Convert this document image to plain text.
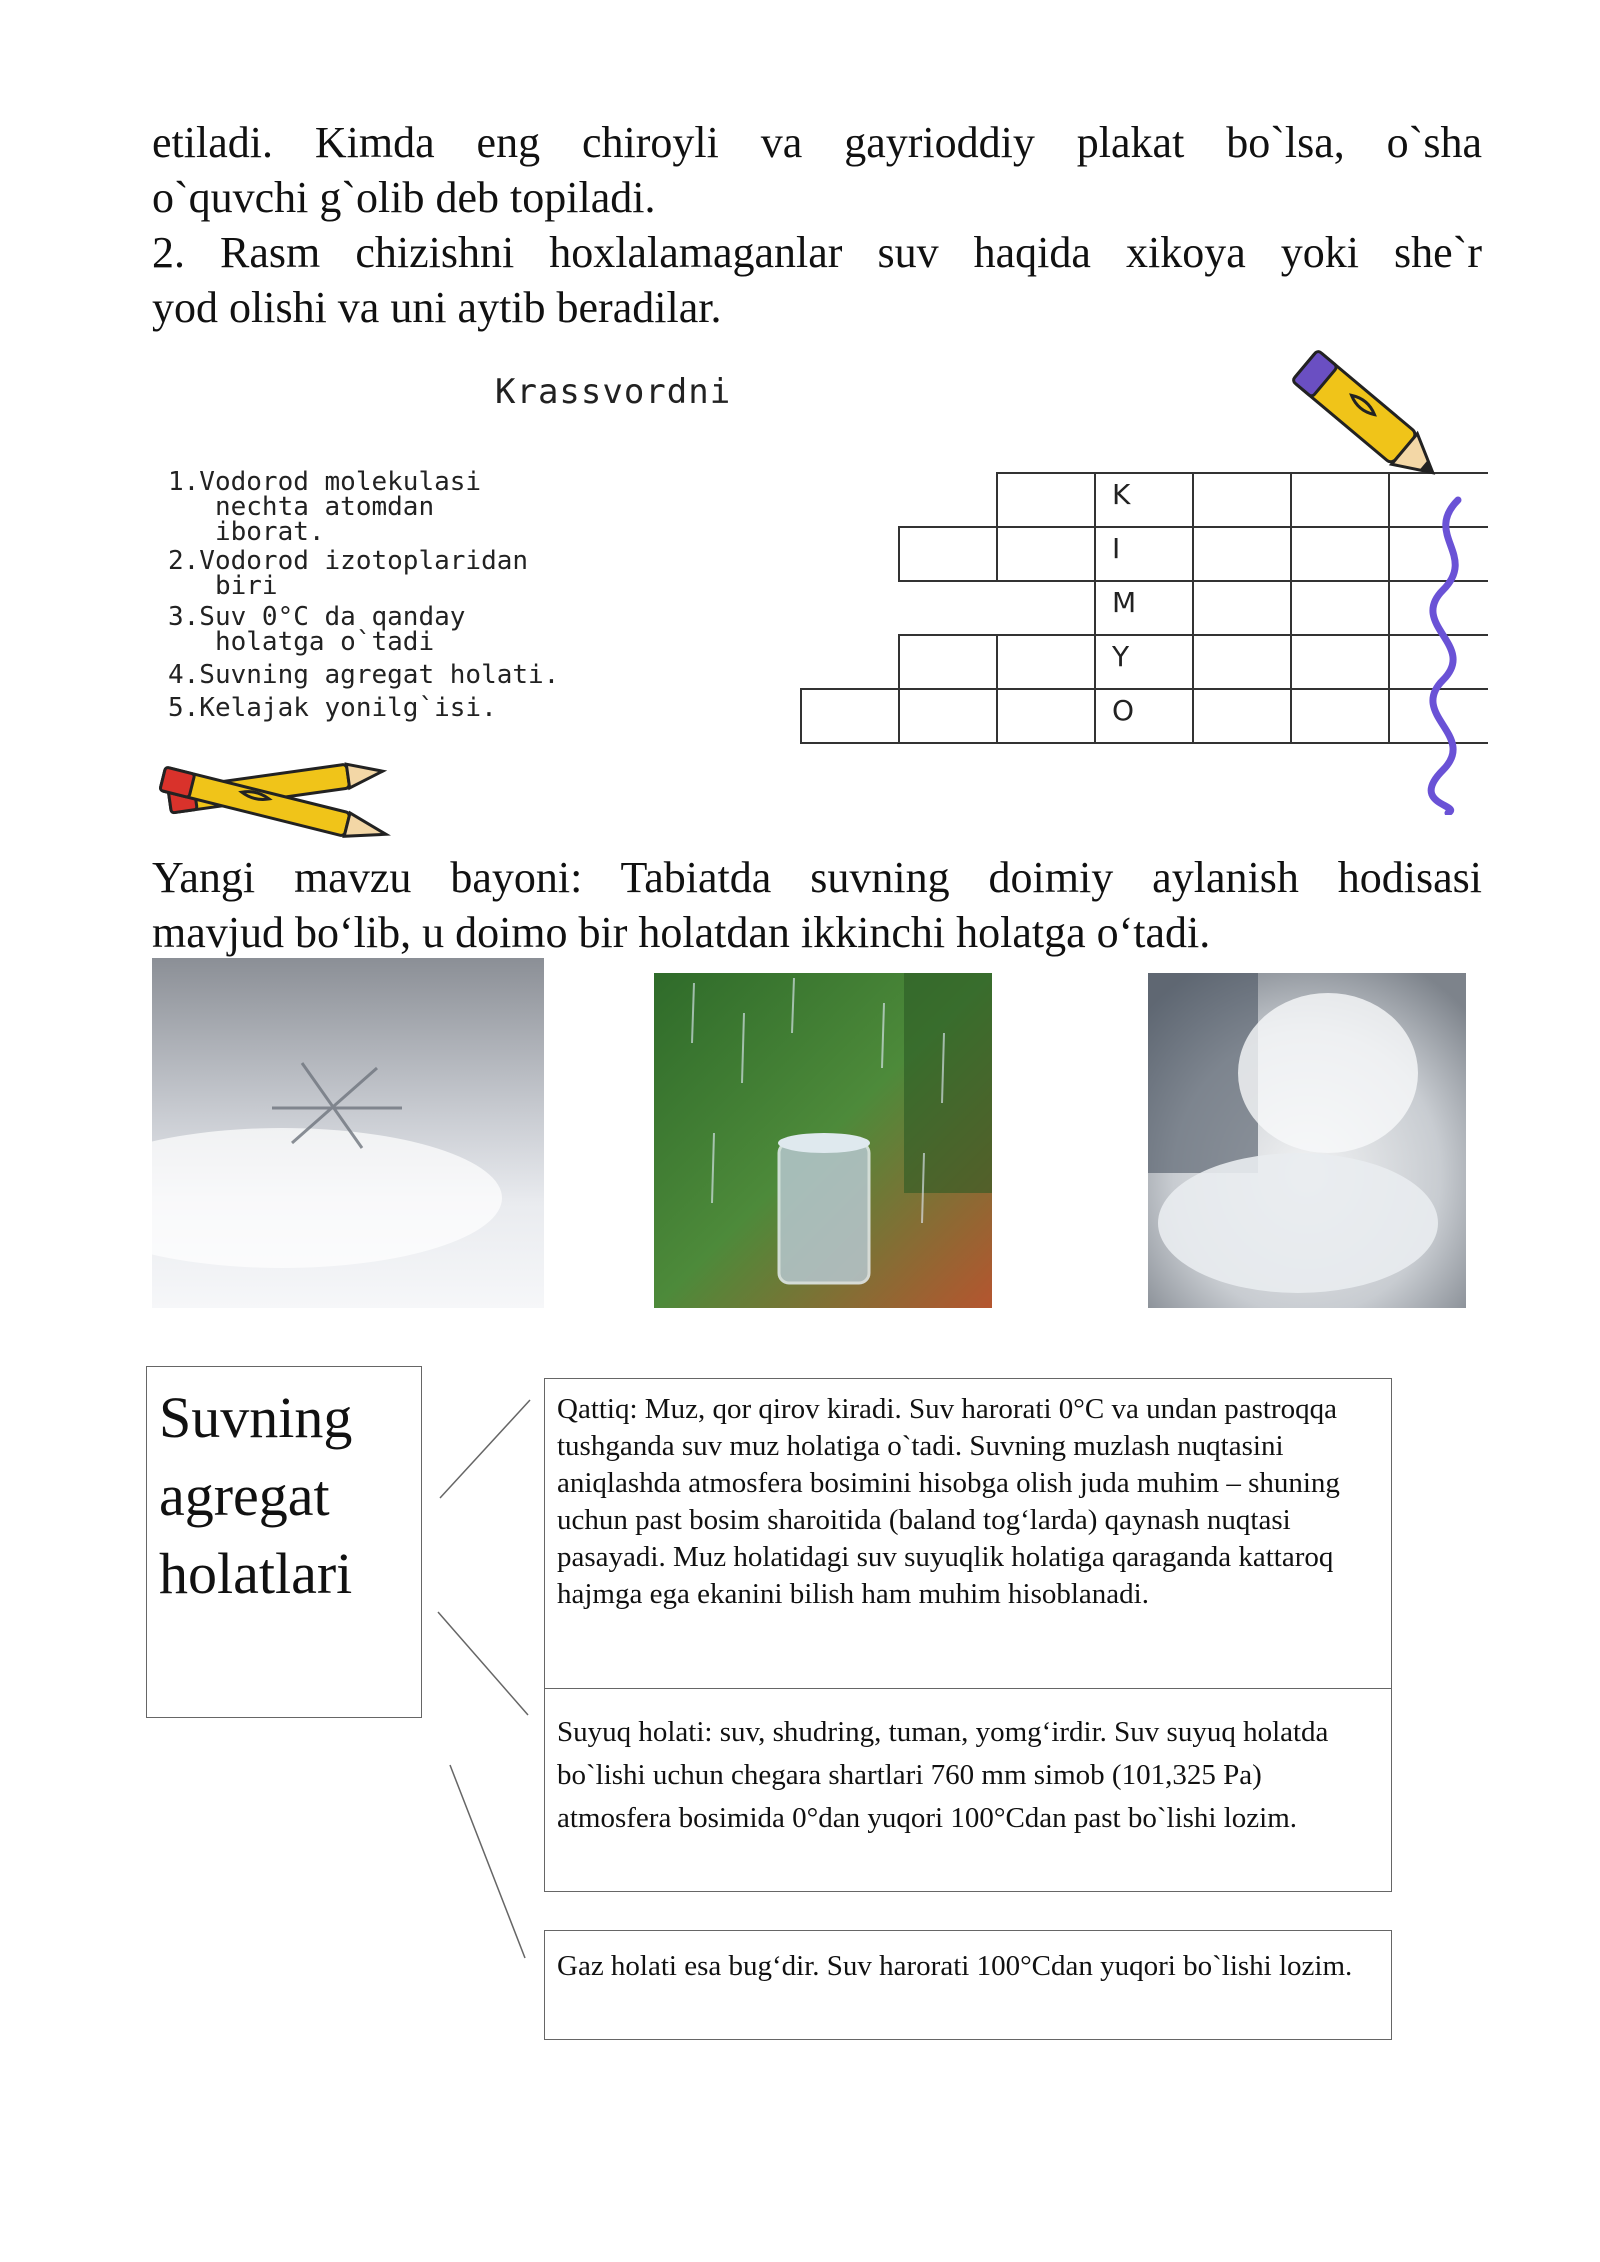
etiladi. Kimda eng chiroyli va gayrioddiy plakat bo`lsa, o`sha
o`quvchi g`olib deb topiladi.
2. Rasm chizishni hoxlalamaganlar suv haqida xikoya yoki she`r
yod olishi va uni aytib beradilar.
Krassvordni
1.Vodorod molekulasi
nechta atomdan
iborat.
2.Vodorod izotoplaridan
biri
3.Suv 0°C da qanday
holatga o`tadi
4.Suvning agregat holati.
5.Kelajak yonilg`isi.
K
I
M
Y
O
Yangi mavzu bayoni: Tabiatda suvning doimiy aylanish hodisasi
mavjud bo‘lib, u doimo bir holatdan ikkinchi holatga o‘tadi.
Suvning agregat holatlari
Qattiq: Muz, qor qirov kiradi. Suv harorati 0°C va undan pastroqqa tushganda suv muz holatiga o`tadi. Suvning muzlash nuqtasini aniqlashda atmosfera bosimini hisobga olish juda muhim – shuning uchun past bosim sharoitida (baland tog‘larda) qaynash nuqtasi pasayadi. Muz holatidagi suv suyuqlik holatiga qaraganda kattaroq hajmga ega ekanini bilish ham muhim hisoblanadi.
Suyuq holati: suv, shudring, tuman, yomg‘irdir. Suv suyuq holatda bo`lishi uchun chegara shartlari 760 mm simob (101,325 Pa) atmosfera bosimida 0°dan yuqori 100°Cdan past bo`lishi lozim.
Gaz holati esa bug‘dir. Suv harorati 100°Cdan yuqori bo`lishi lozim.
